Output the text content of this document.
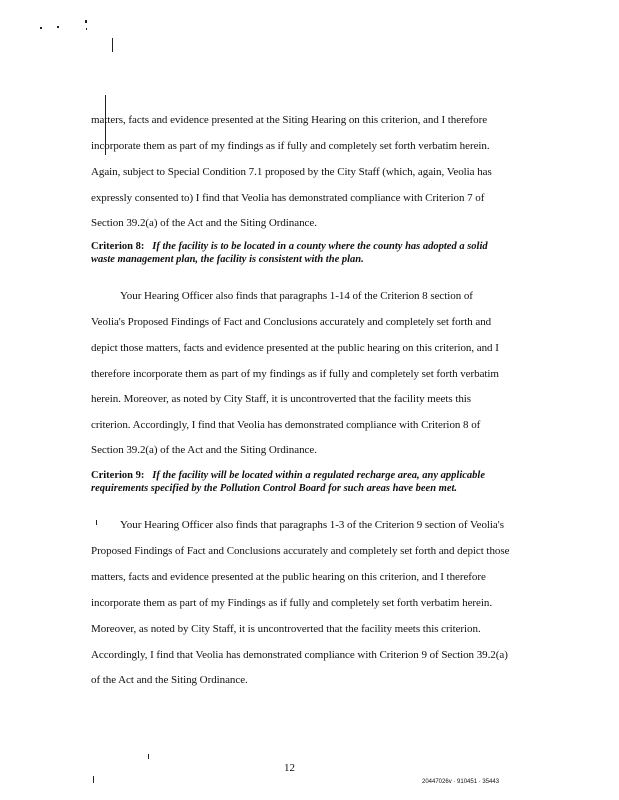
matters, facts and evidence presented at the Siting Hearing on this criterion, and I therefore
incorporate them as part of my findings as if fully and completely set forth verbatim herein.
Again, subject to Special Condition 7.1 proposed by the City Staff (which, again, Veolia has
expressly consented to) I find that Veolia has demonstrated compliance with Criterion 7 of
Section 39.2(a) of the Act and the Siting Ordinance.
Criterion 8: If the facility is to be located in a county where the county has adopted a solid
waste management plan, the facility is consistent with the plan.
Your Hearing Officer also finds that paragraphs 1-14 of the Criterion 8 section of
Veolia's Proposed Findings of Fact and Conclusions accurately and completely set forth and
depict those matters, facts and evidence presented at the public hearing on this criterion, and I
therefore incorporate them as part of my findings as if fully and completely set forth verbatim
herein. Moreover, as noted by City Staff, it is uncontroverted that the facility meets this
criterion. Accordingly, I find that Veolia has demonstrated compliance with Criterion 8 of
Section 39.2(a) of the Act and the Siting Ordinance.
Criterion 9: If the facility will be located within a regulated recharge area, any applicable
requirements specified by the Pollution Control Board for such areas have been met.
Your Hearing Officer also finds that paragraphs 1-3 of the Criterion 9 section of Veolia's
Proposed Findings of Fact and Conclusions accurately and completely set forth and depict those
matters, facts and evidence presented at the public hearing on this criterion, and I therefore
incorporate them as part of my Findings as if fully and completely set forth verbatim herein.
Moreover, as noted by City Staff, it is uncontroverted that the facility meets this criterion.
Accordingly, I find that Veolia has demonstrated compliance with Criterion 9 of Section 39.2(a)
of the Act and the Siting Ordinance.
12
20447026v · 910451 · 35443
